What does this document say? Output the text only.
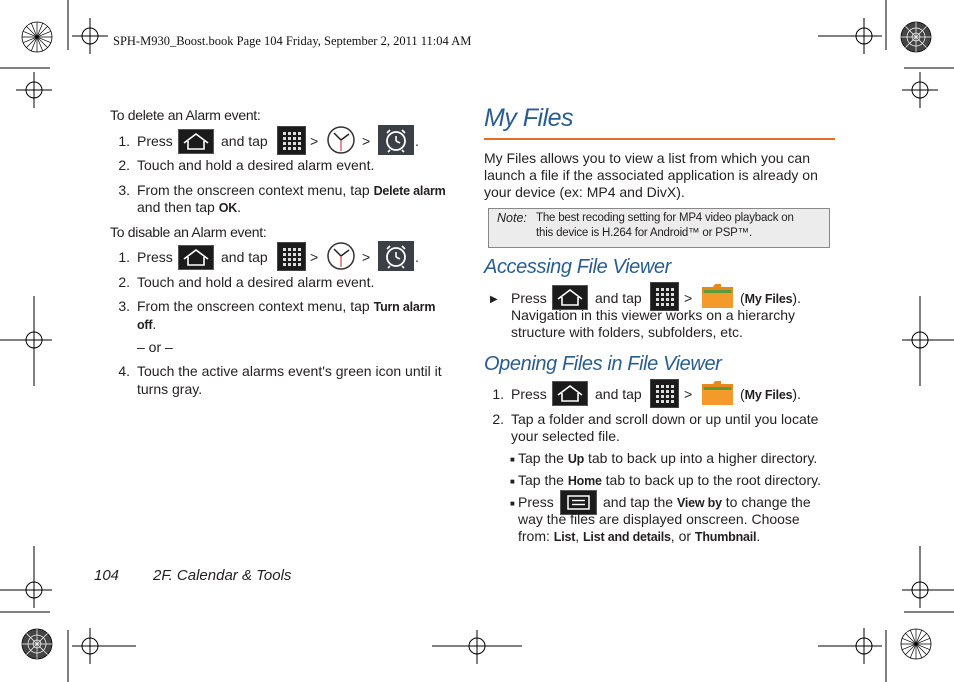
SPH-M930_Boost.book Page 104 Friday, September 2, 2011 11:04 AM
To delete an Alarm event:
1. Press	and tap	>	>	.
2. Touch and hold a desired alarm event.
3. From the onscreen context menu, tap Delete alarm
and then tap OK.
To disable an Alarm event:
1. Press	and tap	>	>	.
2. Touch and hold a desired alarm event.
3. From the onscreen context menu, tap Turn alarm
off.
– or –
4. Touch the active alarms event's green icon until it
turns gray.
104 2F. Calendar & Tools
My Files
My Files allows you to view a list from which you can
launch a file if the associated application is already on
your device (ex: MP4 and DivX).
Note: The best recoding setting for MP4 video playback on
this device is H.264 for Android™ or PSP™.
Accessing File Viewer
▶ Press	and tap	>	(My Files).
Navigation in this viewer works on a hierarchy
structure with folders, subfolders, etc.
Opening Files in File Viewer
1. Press	and tap	>	(My Files).
2. Tap a folder and scroll down or up until you locate
your selected file.
■ Tap the Up tab to back up into a higher directory.
■ Tap the Home tab to back up to the root directory.
■ Press	and tap the View by to change the
way the files are displayed onscreen. Choose
from: List, List and details, or Thumbnail.
